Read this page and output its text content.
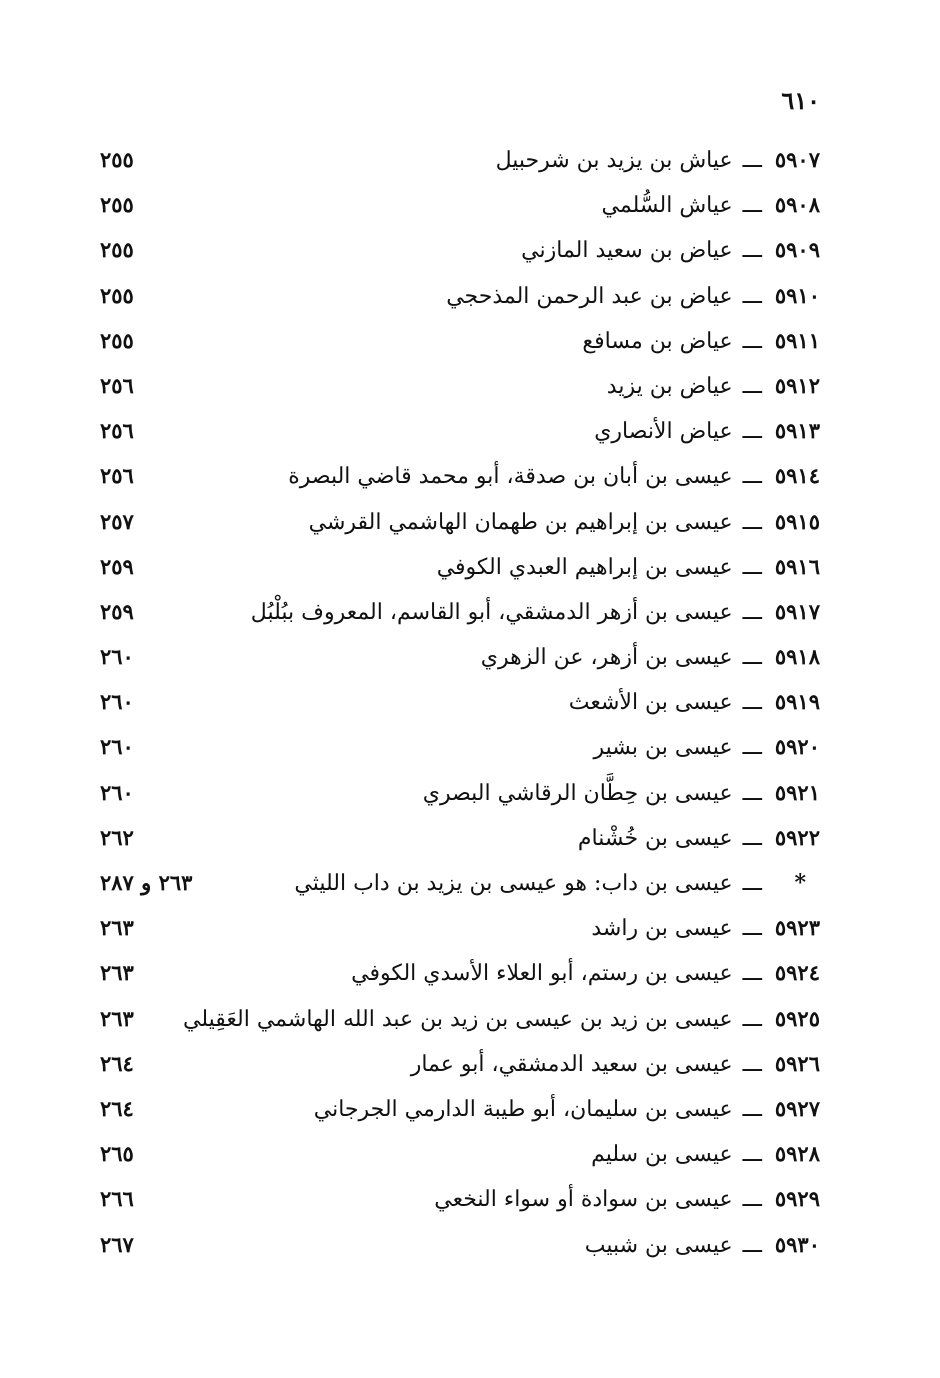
٦١٠
٥٩٠٧ـــعياش بن يزيد بن شرحبيل
٢٥٥
٥٩٠٨ـــعياش السُّلمي
٢٥٥
٥٩٠٩ـــعياض بن سعيد المازني
٢٥٥
٥٩١٠ـــعياض بن عبد الرحمن المذحجي
٢٥٥
٥٩١١ـــعياض بن مسافع
٢٥٥
٥٩١٢ـــعياض بن يزيد
٢٥٦
٥٩١٣ـــعياض الأنصاري
٢٥٦
٥٩١٤ـــعيسى بن أبان بن صدقة، أبو محمد قاضي البصرة
٢٥٦
٥٩١٥ـــعيسى بن إبراهيم بن طهمان الهاشمي القرشي
٢٥٧
٥٩١٦ـــعيسى بن إبراهيم العبدي الكوفي
٢٥٩
٥٩١٧ـــعيسى بن أزهر الدمشقي، أبو القاسم، المعروف ببُلْبُل
٢٥٩
٥٩١٨ـــعيسى بن أزهر، عن الزهري
٢٦٠
٥٩١٩ـــعيسى بن الأشعث
٢٦٠
٥٩٢٠ـــعيسى بن بشير
٢٦٠
٥٩٢١ـــعيسى بن حِطَّان الرقاشي البصري
٢٦٠
٥٩٢٢ـــعيسى بن خُشْنام
٢٦٢
*ـــعيسى بن داب: هو عيسى بن يزيد بن داب الليثي
٢٦٣ و ٢٨٧
٥٩٢٣ـــعيسى بن راشد
٢٦٣
٥٩٢٤ـــعيسى بن رستم، أبو العلاء الأسدي الكوفي
٢٦٣
٥٩٢٥ـــعيسى بن زيد بن عيسى بن زيد بن عبد الله الهاشمي العَقِيلي
٢٦٣
٥٩٢٦ـــعيسى بن سعيد الدمشقي، أبو عمار
٢٦٤
٥٩٢٧ـــعيسى بن سليمان، أبو طيبة الدارمي الجرجاني
٢٦٤
٥٩٢٨ـــعيسى بن سليم
٢٦٥
٥٩٢٩ـــعيسى بن سوادة أو سواء النخعي
٢٦٦
٥٩٣٠ـــعيسى بن شبيب
٢٦٧
